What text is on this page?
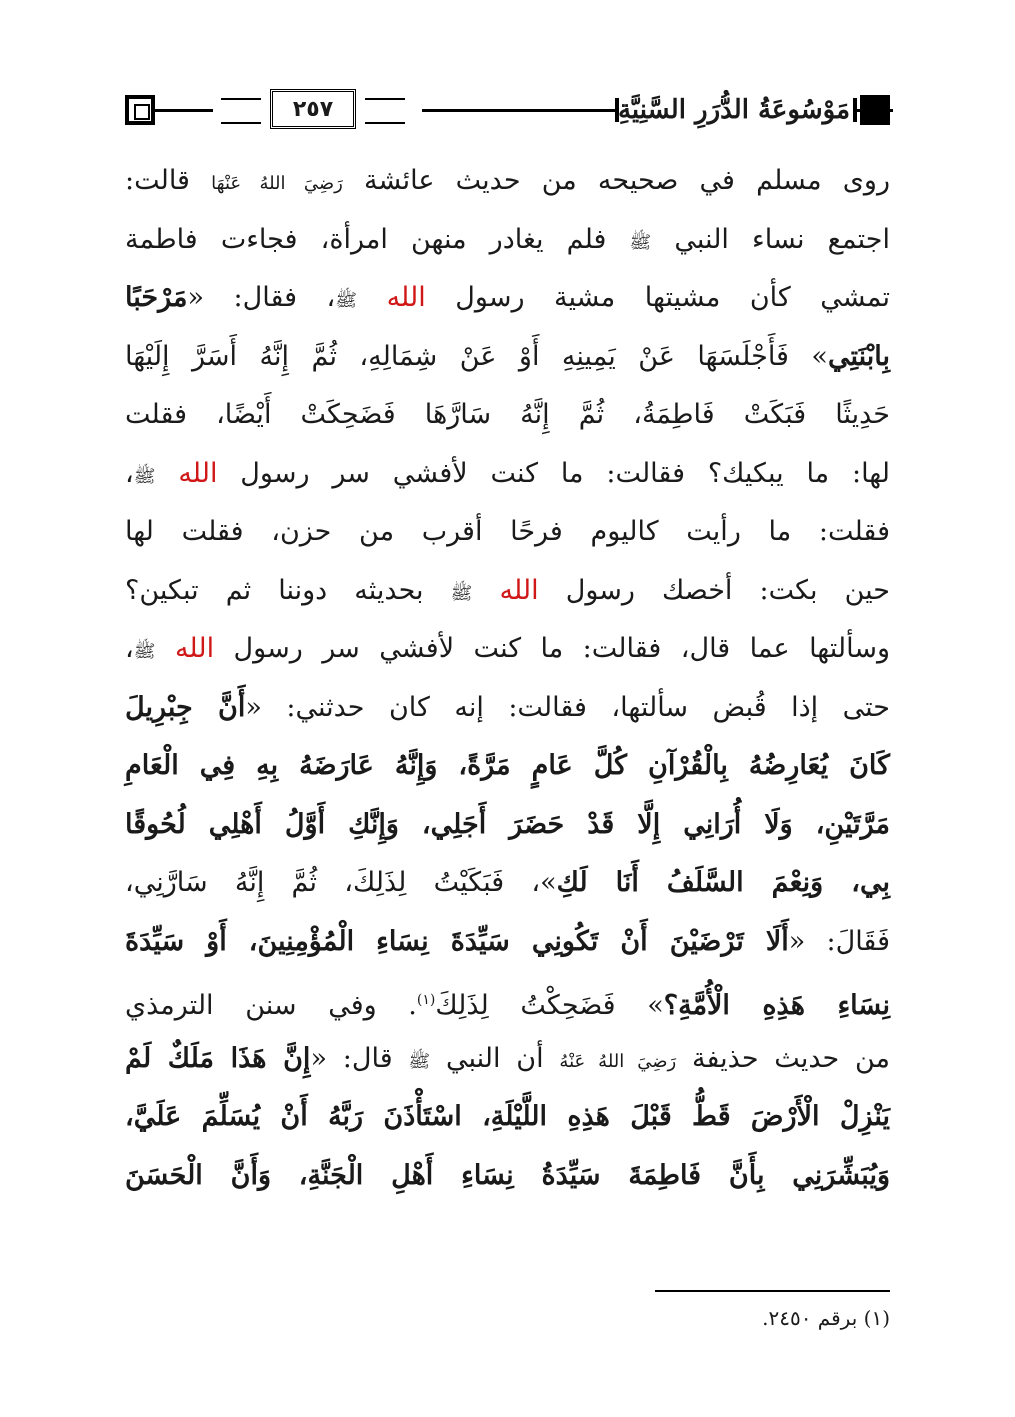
٢٥٧	مَوْسُوعَةُ الدُّرَرِ السَّنِيَّةِ
روى مسلم في صحيحه من حديث عائشة رَضِيَ اللهُ عَنْهَا قالت:
اجتمع نساء النبي ﷺ فلم يغادر منهن امرأة، فجاءت فاطمة
تمشي كأن مشيتها مشية رسول الله ﷺ، فقال: «مَرْحَبًا
بِابْنَتِي» فَأَجْلَسَهَا عَنْ يَمِينِهِ أَوْ عَنْ شِمَالِهِ، ثُمَّ إِنَّهُ أَسَرَّ إِلَيْهَا
حَدِيثًا فَبَكَتْ فَاطِمَةُ، ثُمَّ إِنَّهُ سَارَّهَا فَضَحِكَتْ أَيْضًا، فقلت
لها: ما يبكيك؟ فقالت: ما كنت لأفشي سر رسول الله ﷺ،
فقلت: ما رأيت كاليوم فرحًا أقرب من حزن، فقلت لها
حين بكت: أخصك رسول الله ﷺ بحديثه دوننا ثم تبكين؟
وسألتها عما قال، فقالت: ما كنت لأفشي سر رسول الله ﷺ،
حتى إذا قُبض سألتها، فقالت: إنه كان حدثني: «أَنَّ جِبْرِيلَ
كَانَ يُعَارِضُهُ بِالْقُرْآنِ كُلَّ عَامٍ مَرَّةً، وَإِنَّهُ عَارَضَهُ بِهِ فِي الْعَامِ
مَرَّتَيْنِ، وَلَا أُرَانِي إِلَّا قَدْ حَضَرَ أَجَلِي، وَإِنَّكِ أَوَّلُ أَهْلِي لُحُوقًا
بِي، وَنِعْمَ السَّلَفُ أَنَا لَكِ»، فَبَكَيْتُ لِذَلِكَ، ثُمَّ إِنَّهُ سَارَّنِي،
فَقَالَ: «أَلَا تَرْضَيْنَ أَنْ تَكُونِي سَيِّدَةَ نِسَاءِ الْمُؤْمِنِينَ، أَوْ سَيِّدَةَ
نِسَاءِ هَذِهِ الْأُمَّةِ؟» فَضَحِكْتُ لِذَلِكَ$^{(١)}$. وفي سنن الترمذي
من حديث حذيفة رَضِيَ اللهُ عَنْهُ أن النبي ﷺ قال: «إِنَّ هَذَا مَلَكٌ لَمْ
يَنْزِلْ الْأَرْضَ قَطُّ قَبْلَ هَذِهِ اللَّيْلَةِ، اسْتَأْذَنَ رَبَّهُ أَنْ يُسَلِّمَ عَلَيَّ،
وَيُبَشِّرَنِي بِأَنَّ فَاطِمَةَ سَيِّدَةُ نِسَاءِ أَهْلِ الْجَنَّةِ، وَأَنَّ الْحَسَنَ
(١) برقم ٢٤٥٠.
